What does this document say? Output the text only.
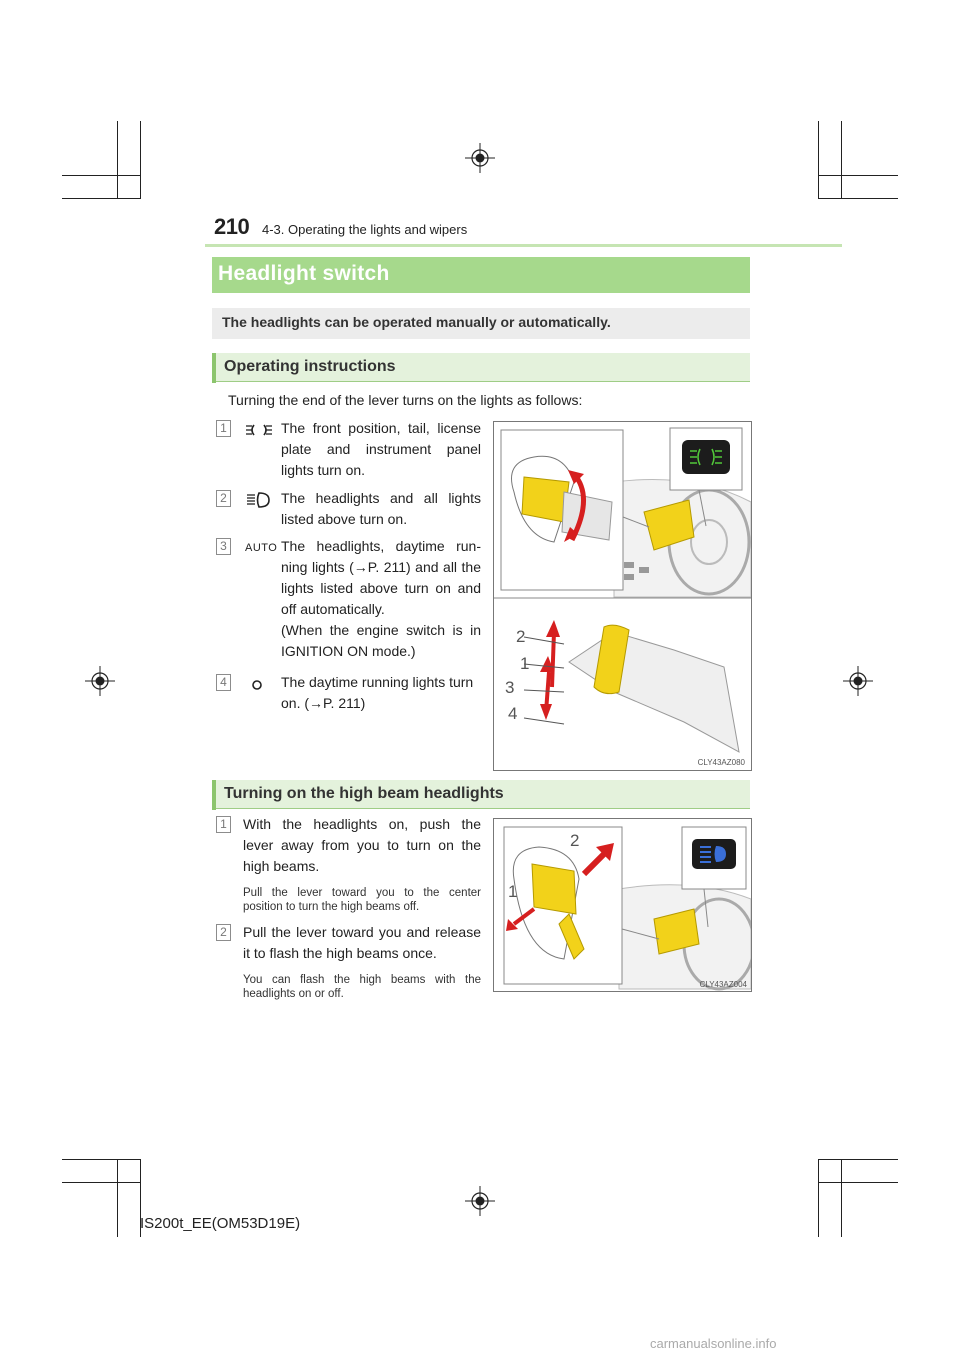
210 4-3. Operating the lights and wipers
Headlight switch
The headlights can be operated manually or automatically.
Operating instructions
Turning the end of the lever turns on the lights as follows:
1	The front position, tail, license
plate and instrument panel
lights turn on.
2	The headlights and all lights
listed above turn on.
3	AUTO The headlights, daytime run-
ning lights (→P. 211) and all the
lights listed above turn on and
off automatically.
(When the engine switch is in
IGNITION ON mode.)
4	The daytime running lights turn
on. (→P. 211)
2
1
3
4
CLY43AZ080
Turning on the high beam headlights
1 With the headlights on, push the
lever away from you to turn on the
high beams.
Pull the lever toward you to the center
position to turn the high beams off.
2 Pull the lever toward you and release
it to flash the high beams once.
You can flash the high beams with the
headlights on or off.
2
1
CLY43AZ004
IS200t_EE(OM53D19E)
carmanualsonline.info
